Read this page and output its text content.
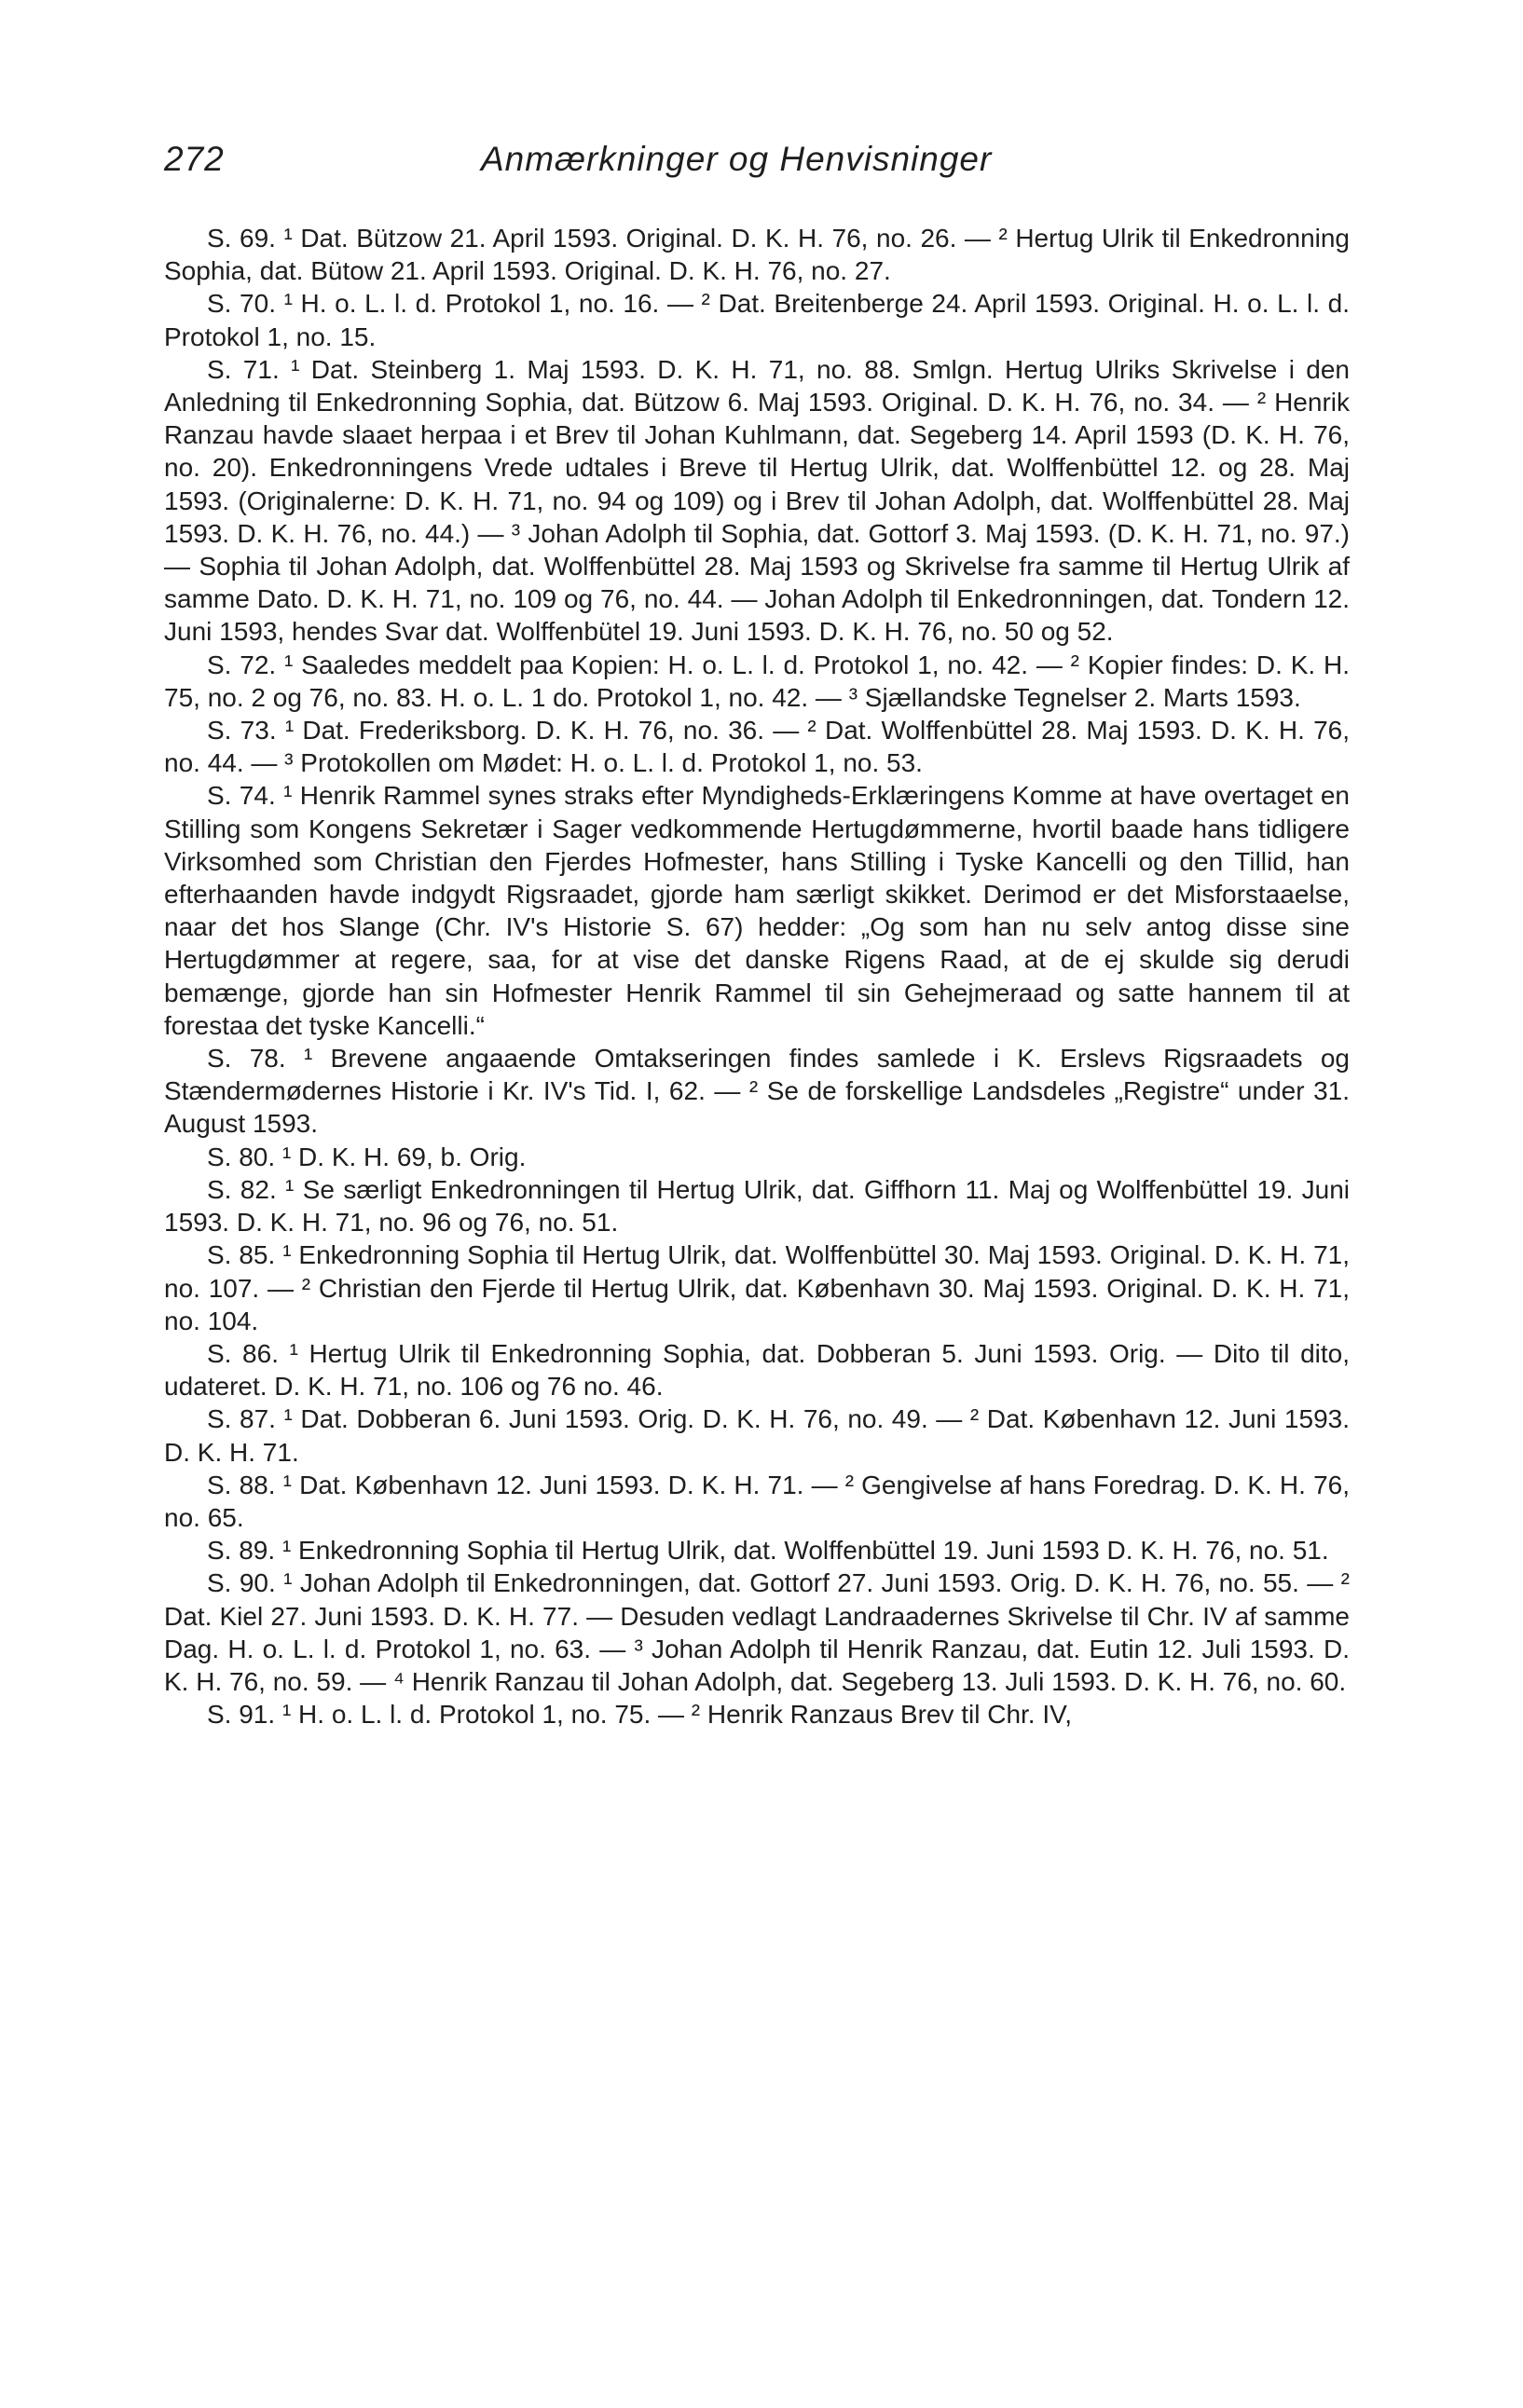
272	Anmærkninger og Henvisninger

S. 69. ¹ Dat. Bützow 21. April 1593. Original. D. K. H. 76, no. 26. — ² Hertug Ulrik til Enkedronning Sophia, dat. Bütow 21. April 1593. Original. D. K. H. 76, no. 27.

S. 70. ¹ H. o. L. l. d. Protokol 1, no. 16. — ² Dat. Breitenberge 24. April 1593. Original. H. o. L. l. d. Protokol 1, no. 15.

S. 71. ¹ Dat. Steinberg 1. Maj 1593. D. K. H. 71, no. 88. Smlgn. Hertug Ulriks Skrivelse i den Anledning til Enkedronning Sophia, dat. Bützow 6. Maj 1593. Original. D. K. H. 76, no. 34. — ² Henrik Ranzau havde slaaet herpaa i et Brev til Johan Kuhlmann, dat. Segeberg 14. April 1593 (D. K. H. 76, no. 20). Enkedronningens Vrede udtales i Breve til Hertug Ulrik, dat. Wolffenbüttel 12. og 28. Maj 1593. (Originalerne: D. K. H. 71, no. 94 og 109) og i Brev til Johan Adolph, dat. Wolffenbüttel 28. Maj 1593. D. K. H. 76, no. 44.) — ³ Johan Adolph til Sophia, dat. Gottorf 3. Maj 1593. (D. K. H. 71, no. 97.) — Sophia til Johan Adolph, dat. Wolffenbüttel 28. Maj 1593 og Skrivelse fra samme til Hertug Ulrik af samme Dato. D. K. H. 71, no. 109 og 76, no. 44. — Johan Adolph til Enkedronningen, dat. Tondern 12. Juni 1593, hendes Svar dat. Wolffenbütel 19. Juni 1593. D. K. H. 76, no. 50 og 52.

S. 72. ¹ Saaledes meddelt paa Kopien: H. o. L. l. d. Protokol 1, no. 42. — ² Kopier findes: D. K. H. 75, no. 2 og 76, no. 83. H. o. L. 1 do. Protokol 1, no. 42. — ³ Sjællandske Tegnelser 2. Marts 1593.

S. 73. ¹ Dat. Frederiksborg. D. K. H. 76, no. 36. — ² Dat. Wolffenbüttel 28. Maj 1593. D. K. H. 76, no. 44. — ³ Protokollen om Mødet: H. o. L. l. d. Protokol 1, no. 53.

S. 74. ¹ Henrik Rammel synes straks efter Myndigheds-Erklæringens Komme at have overtaget en Stilling som Kongens Sekretær i Sager vedkommende Hertugdømmerne, hvortil baade hans tidligere Virksomhed som Christian den Fjerdes Hofmester, hans Stilling i Tyske Kancelli og den Tillid, han efterhaanden havde indgydt Rigsraadet, gjorde ham særligt skikket. Derimod er det Misforstaaelse, naar det hos Slange (Chr. IV's Historie S. 67) hedder: „Og som han nu selv antog disse sine Hertugdømmer at regere, saa, for at vise det danske Rigens Raad, at de ej skulde sig derudi bemænge, gjorde han sin Hofmester Henrik Rammel til sin Gehejmeraad og satte hannem til at forestaa det tyske Kancelli.“

S. 78. ¹ Brevene angaaende Omtakseringen findes samlede i K. Erslevs Rigsraadets og Stændermødernes Historie i Kr. IV's Tid. I, 62. — ² Se de forskellige Landsdeles „Registre“ under 31. August 1593.

S. 80. ¹ D. K. H. 69, b. Orig.

S. 82. ¹ Se særligt Enkedronningen til Hertug Ulrik, dat. Giffhorn 11. Maj og Wolffenbüttel 19. Juni 1593. D. K. H. 71, no. 96 og 76, no. 51.

S. 85. ¹ Enkedronning Sophia til Hertug Ulrik, dat. Wolffenbüttel 30. Maj 1593. Original. D. K. H. 71, no. 107. — ² Christian den Fjerde til Hertug Ulrik, dat. København 30. Maj 1593. Original. D. K. H. 71, no. 104.

S. 86. ¹ Hertug Ulrik til Enkedronning Sophia, dat. Dobberan 5. Juni 1593. Orig. — Dito til dito, udateret. D. K. H. 71, no. 106 og 76 no. 46.

S. 87. ¹ Dat. Dobberan 6. Juni 1593. Orig. D. K. H. 76, no. 49. — ² Dat. København 12. Juni 1593. D. K. H. 71.

S. 88. ¹ Dat. København 12. Juni 1593. D. K. H. 71. — ² Gengivelse af hans Foredrag. D. K. H. 76, no. 65.

S. 89. ¹ Enkedronning Sophia til Hertug Ulrik, dat. Wolffenbüttel 19. Juni 1593 D. K. H. 76, no. 51.

S. 90. ¹ Johan Adolph til Enkedronningen, dat. Gottorf 27. Juni 1593. Orig. D. K. H. 76, no. 55. — ² Dat. Kiel 27. Juni 1593. D. K. H. 77. — Desuden vedlagt Landraadernes Skrivelse til Chr. IV af samme Dag. H. o. L. l. d. Protokol 1, no. 63. — ³ Johan Adolph til Henrik Ranzau, dat. Eutin 12. Juli 1593. D. K. H. 76, no. 59. — ⁴ Henrik Ranzau til Johan Adolph, dat. Segeberg 13. Juli 1593. D. K. H. 76, no. 60.

S. 91. ¹ H. o. L. l. d. Protokol 1, no. 75. — ² Henrik Ranzaus Brev til Chr. IV,
